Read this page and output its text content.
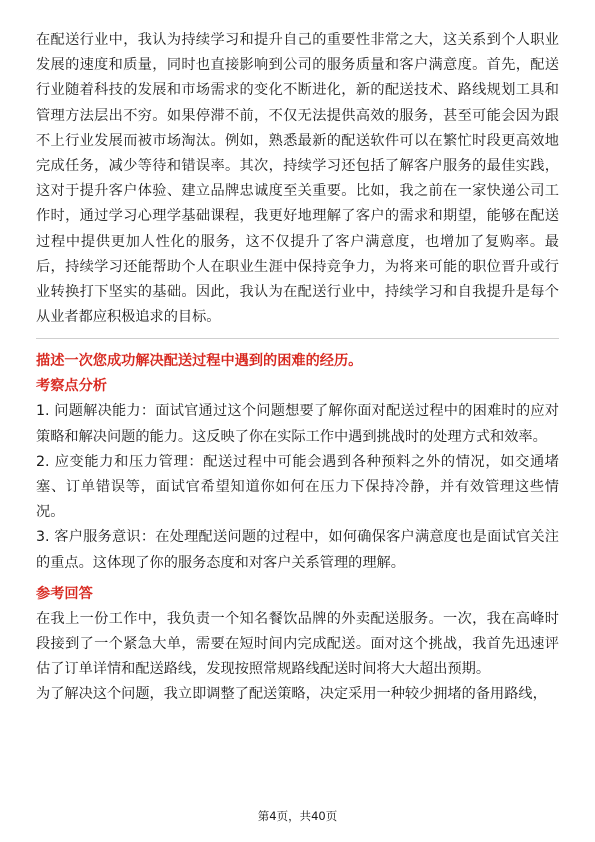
在配送行业中，我认为持续学习和提升自己的重要性非常之大，这关系到个人职业发展的速度和质量，同时也直接影响到公司的服务质量和客户满意度。首先，配送行业随着科技的发展和市场需求的变化不断进化，新的配送技术、路线规划工具和管理方法层出不穷。如果停滞不前，不仅无法提供高效的服务，甚至可能会因为跟不上行业发展而被市场淘汰。例如，熟悉最新的配送软件可以在繁忙时段更高效地完成任务，减少等待和错误率。其次，持续学习还包括了解客户服务的最佳实践，这对于提升客户体验、建立品牌忠诚度至关重要。比如，我之前在一家快递公司工作时，通过学习心理学基础课程，我更好地理解了客户的需求和期望，能够在配送过程中提供更加人性化的服务，这不仅提升了客户满意度，也增加了复购率。最后，持续学习还能帮助个人在职业生涯中保持竞争力，为将来可能的职位晋升或行业转换打下坚实的基础。因此，我认为在配送行业中，持续学习和自我提升是每个从业者都应积极追求的目标。

描述一次您成功解决配送过程中遇到的困难的经历。

考察点分析

1. 问题解决能力：面试官通过这个问题想要了解你面对配送过程中的困难时的应对策略和解决问题的能力。这反映了你在实际工作中遇到挑战时的处理方式和效率。

2. 应变能力和压力管理：配送过程中可能会遇到各种预料之外的情况，如交通堵塞、订单错误等，面试官希望知道你如何在压力下保持冷静，并有效管理这些情况。

3. 客户服务意识：在处理配送问题的过程中，如何确保客户满意度也是面试官关注的重点。这体现了你的服务态度和对客户关系管理的理解。

参考回答

在我上一份工作中，我负责一个知名餐饮品牌的外卖配送服务。一次，我在高峰时段接到了一个紧急大单，需要在短时间内完成配送。面对这个挑战，我首先迅速评估了订单详情和配送路线，发现按照常规路线配送时间将大大超出预期。

为了解决这个问题，我立即调整了配送策略，决定采用一种较少拥堵的备用路线，

第4页，共40页
